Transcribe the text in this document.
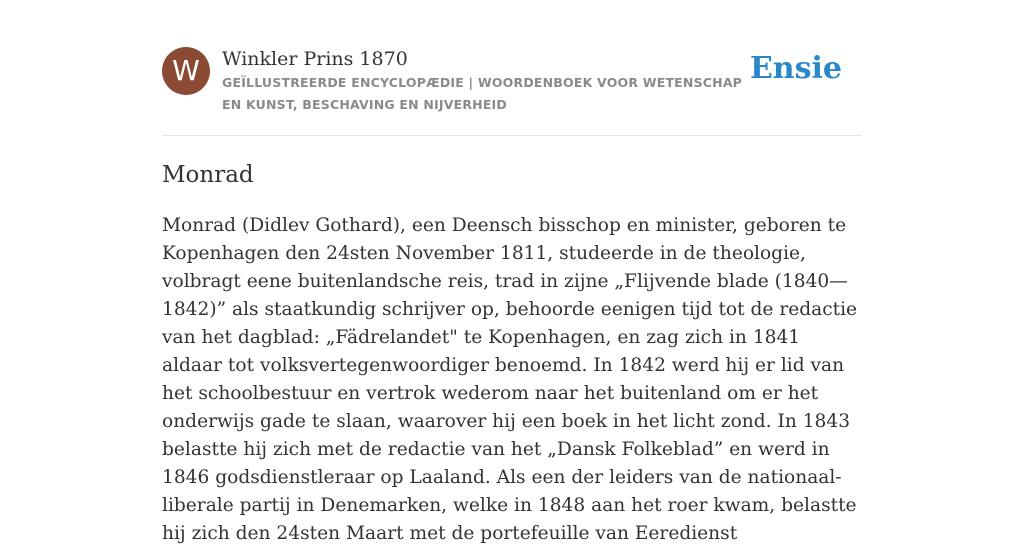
W	Winkler Prins 1870
GEÏLLUSTREERDE ENCYCLOPÆDIE | WOORDENBOEK VOOR WETENSCHAP EN KUNST, BESCHAVING EN NIJVERHEID
Ensie
Monrad

Monrad (Didlev Gothard), een Deensch bisschop en minister, geboren te Kopenhagen den 24sten November 1811, studeerde in de theologie, volbragt eene buitenlandsche reis, trad in zijne „Flijvende blade (1840—1842)” als staatkundig schrijver op, behoorde eenigen tijd tot de redactie van het dagblad: „Fädrelandet" te Kopenhagen, en zag zich in 1841 aldaar tot volksvertegenwoordiger benoemd. In 1842 werd hij er lid van het schoolbestuur en vertrok wederom naar het buitenland om er het onderwijs gade te slaan, waarover hij een boek in het licht zond. In 1843 belastte hij zich met de redactie van het „Dansk Folkeblad” en werd in 1846 godsdienstleraar op Laaland. Als een der leiders van de nationaal-liberale partij in Denemarken, welke in 1848 aan het roer kwam, belastte hij zich den 24sten Maart met de portefeuille van Eeredienst
